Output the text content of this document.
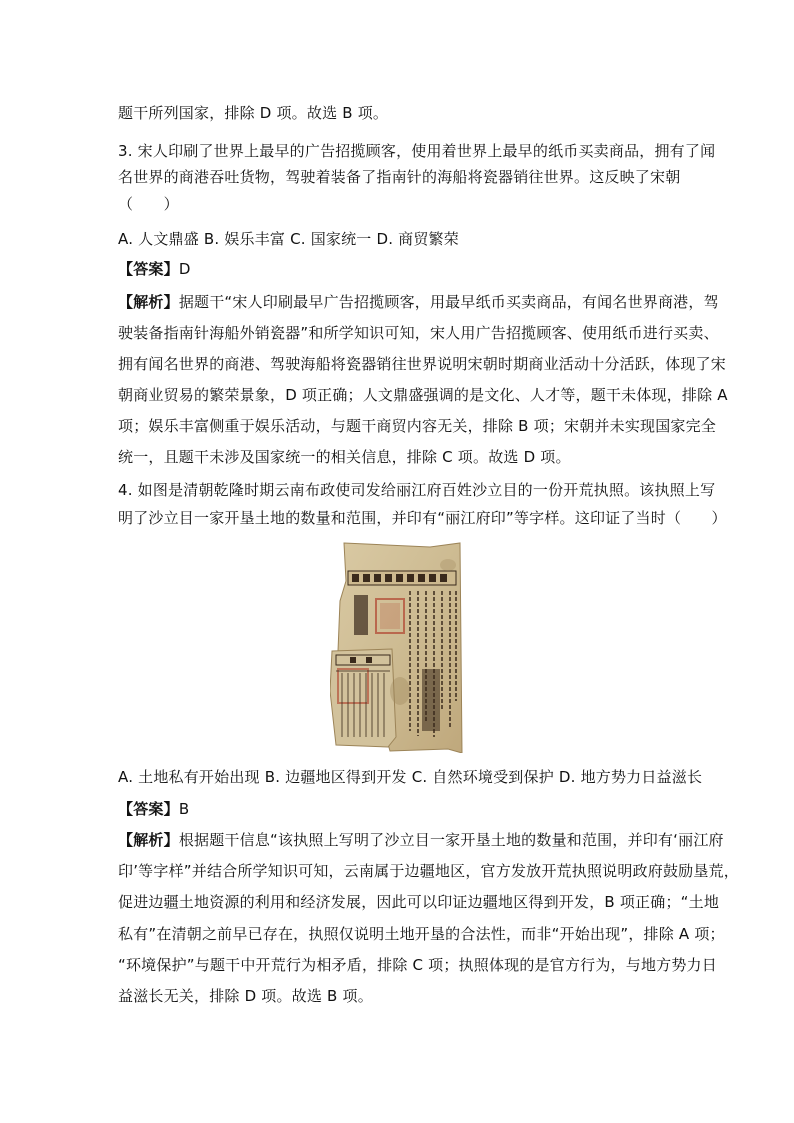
题干所列国家，排除 D 项。故选 B 项。
3. 宋人印刷了世界上最早的广告招揽顾客，使用着世界上最早的纸币买卖商品，拥有了闻
名世界的商港吞吐货物，驾驶着装备了指南针的海船将瓷器销往世界。这反映了宋朝
（　　）
A. 人文鼎盛 B. 娱乐丰富 C. 国家统一 D. 商贸繁荣
【答案】D
【解析】据题干“宋人印刷最早广告招揽顾客，用最早纸币买卖商品，有闻名世界商港，驾
驶装备指南针海船外销瓷器”和所学知识可知，宋人用广告招揽顾客、使用纸币进行买卖、
拥有闻名世界的商港、驾驶海船将瓷器销往世界说明宋朝时期商业活动十分活跃，体现了宋
朝商业贸易的繁荣景象，D 项正确；人文鼎盛强调的是文化、人才等，题干未体现，排除 A
项；娱乐丰富侧重于娱乐活动，与题干商贸内容无关，排除 B 项；宋朝并未实现国家完全
统一，且题干未涉及国家统一的相关信息，排除 C 项。故选 D 项。
4. 如图是清朝乾隆时期云南布政使司发给丽江府百姓沙立目的一份开荒执照。该执照上写
明了沙立目一家开垦土地的数量和范围，并印有“丽江府印”等字样。这印证了当时（　　）
A. 土地私有开始出现 B. 边疆地区得到开发 C. 自然环境受到保护 D. 地方势力日益滋长
【答案】B
【解析】根据题干信息“该执照上写明了沙立目一家开垦土地的数量和范围，并印有‘丽江府
印’等字样”并结合所学知识可知，云南属于边疆地区，官方发放开荒执照说明政府鼓励垦荒，
促进边疆土地资源的利用和经济发展，因此可以印证边疆地区得到开发，B 项正确；“土地
私有”在清朝之前早已存在，执照仅说明土地开垦的合法性，而非“开始出现”，排除 A 项；
“环境保护”与题干中开荒行为相矛盾，排除 C 项；执照体现的是官方行为，与地方势力日
益滋长无关，排除 D 项。故选 B 项。
